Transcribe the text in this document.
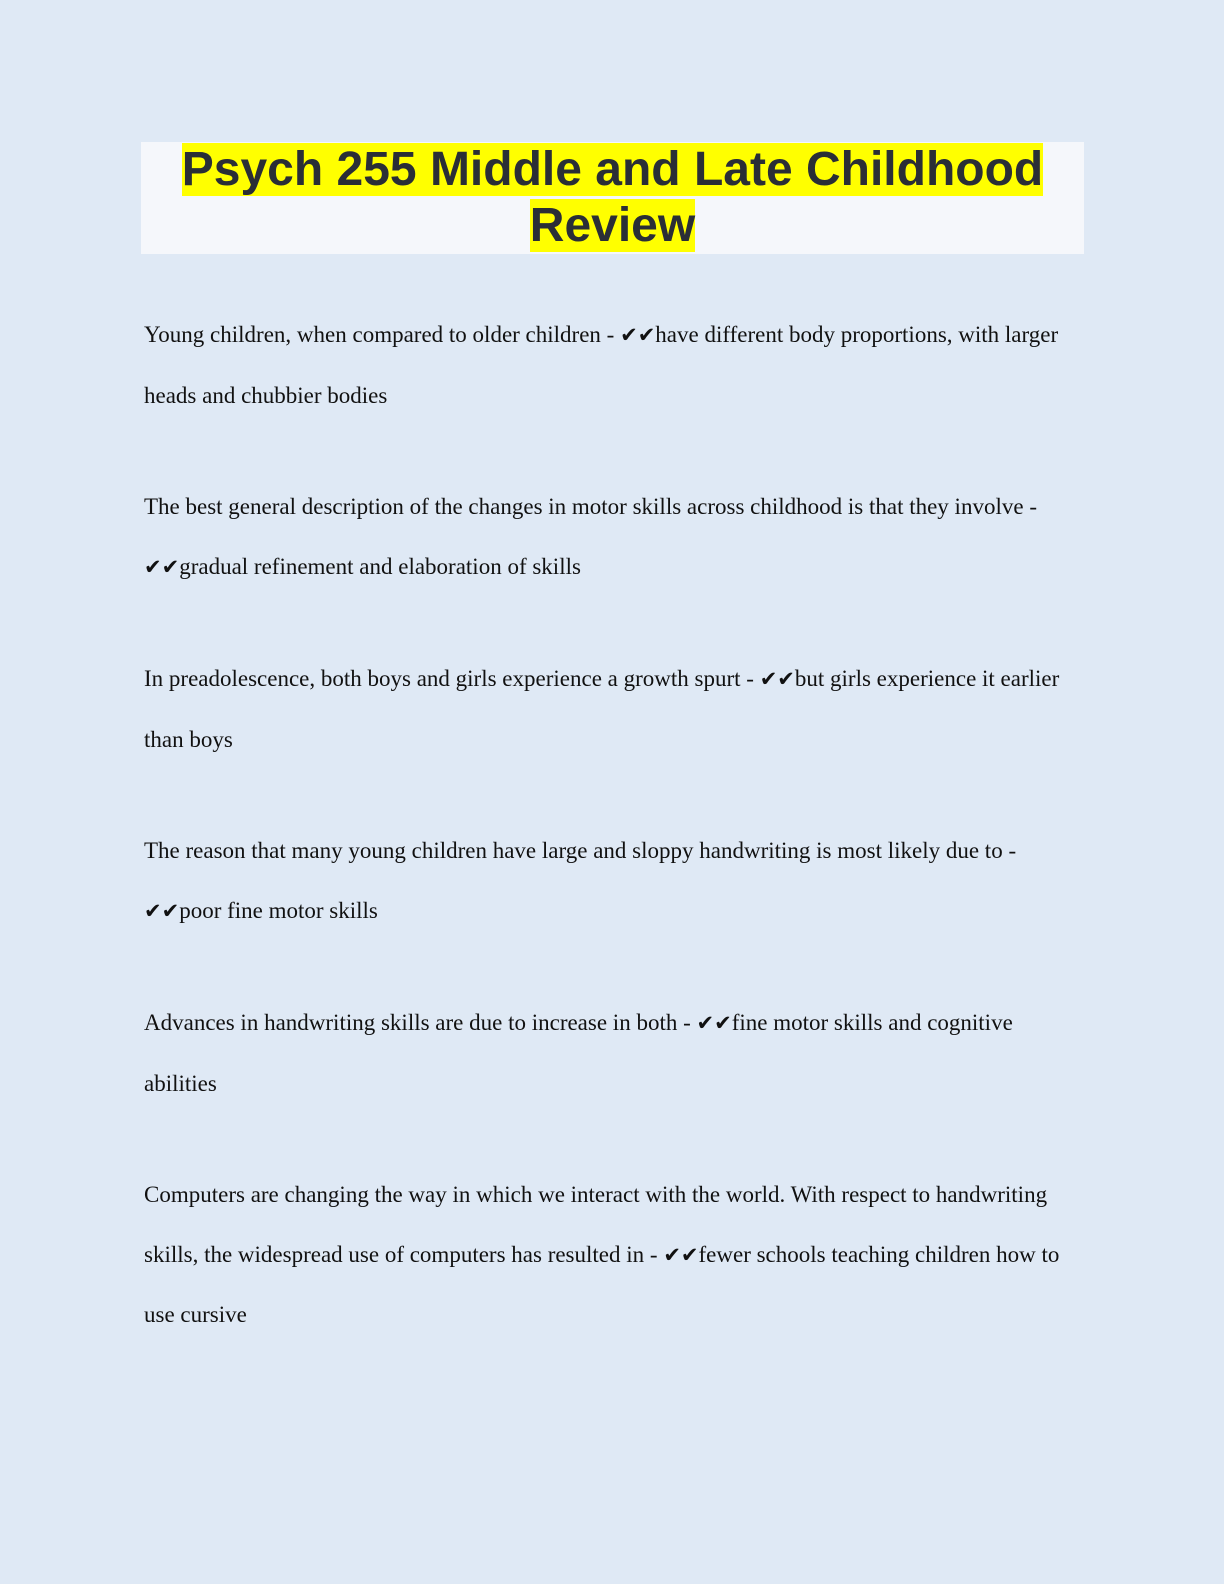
Psych 255 Middle and Late Childhood Review

Young children, when compared to older children - ✔✔have different body proportions, with larger heads and chubbier bodies

The best general description of the changes in motor skills across childhood is that they involve - ✔✔gradual refinement and elaboration of skills

In preadolescence, both boys and girls experience a growth spurt - ✔✔but girls experience it earlier than boys

The reason that many young children have large and sloppy handwriting is most likely due to - ✔✔poor fine motor skills

Advances in handwriting skills are due to increase in both - ✔✔fine motor skills and cognitive abilities

Computers are changing the way in which we interact with the world. With respect to handwriting skills, the widespread use of computers has resulted in - ✔✔fewer schools teaching children how to use cursive
